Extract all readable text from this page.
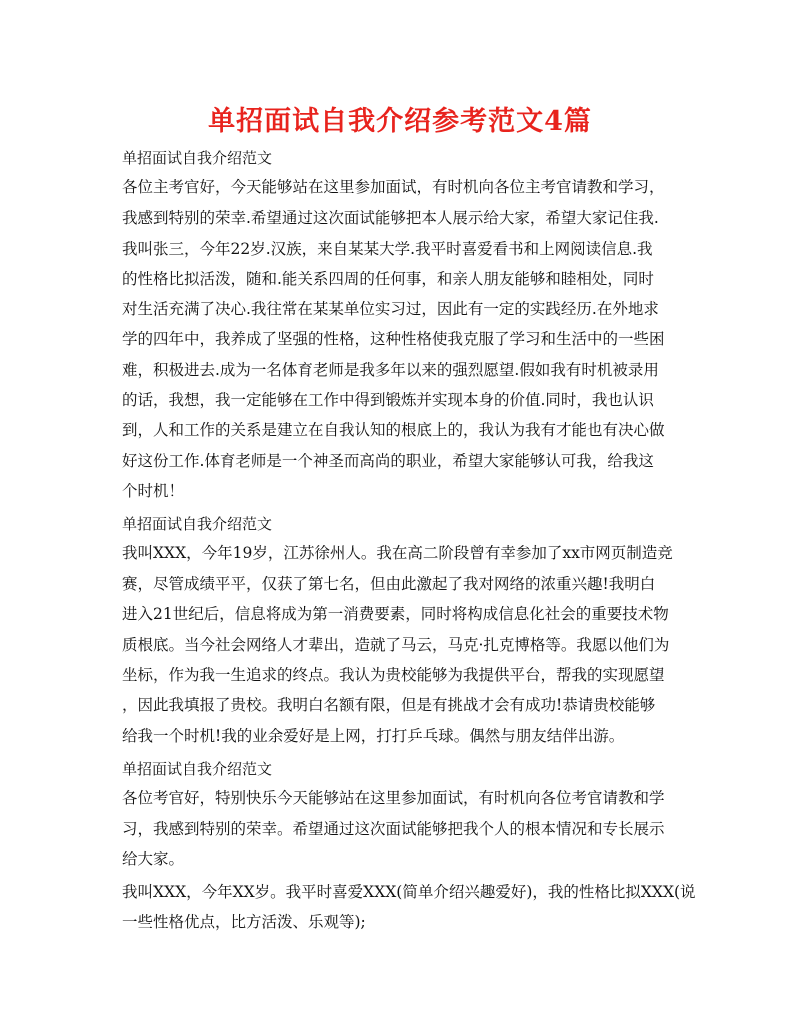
单招面试自我介绍参考范文4篇
单招面试自我介绍范文
各位主考官好，今天能够站在这里参加面试，有时机向各位主考官请教和学习，
我感到特别的荣幸.希望通过这次面试能够把本人展示给大家，希望大家记住我.
我叫张三，今年22岁.汉族，来自某某大学.我平时喜爱看书和上网阅读信息.我
的性格比拟活泼，随和.能关系四周的任何事，和亲人朋友能够和睦相处，同时
对生活充满了决心.我往常在某某单位实习过，因此有一定的实践经历.在外地求
学的四年中，我养成了坚强的性格，这种性格使我克服了学习和生活中的一些困
难，积极进去.成为一名体育老师是我多年以来的强烈愿望.假如我有时机被录用
的话，我想，我一定能够在工作中得到锻炼并实现本身的价值.同时，我也认识
到，人和工作的关系是建立在自我认知的根底上的，我认为我有才能也有决心做
好这份工作.体育老师是一个神圣而高尚的职业，希望大家能够认可我，给我这
个时机！
单招面试自我介绍范文
我叫XXX，今年19岁，江苏徐州人。我在高二阶段曾有幸参加了xx市网页制造竞
赛，尽管成绩平平，仅获了第七名，但由此激起了我对网络的浓重兴趣!我明白
进入21世纪后，信息将成为第一消费要素，同时将构成信息化社会的重要技术物
质根底。当今社会网络人才辈出，造就了马云，马克·扎克博格等。我愿以他们为
坐标，作为我一生追求的终点。我认为贵校能够为我提供平台，帮我的实现愿望
，因此我填报了贵校。我明白名额有限，但是有挑战才会有成功!恭请贵校能够
给我一个时机!我的业余爱好是上网，打打乒乓球。偶然与朋友结伴出游。
单招面试自我介绍范文
各位考官好，特别快乐今天能够站在这里参加面试，有时机向各位考官请教和学
习，我感到特别的荣幸。希望通过这次面试能够把我个人的根本情况和专长展示
给大家。
我叫XXX，今年XX岁。我平时喜爱XXX(简单介绍兴趣爱好)，我的性格比拟XXX(说
一些性格优点，比方活泼、乐观等);
